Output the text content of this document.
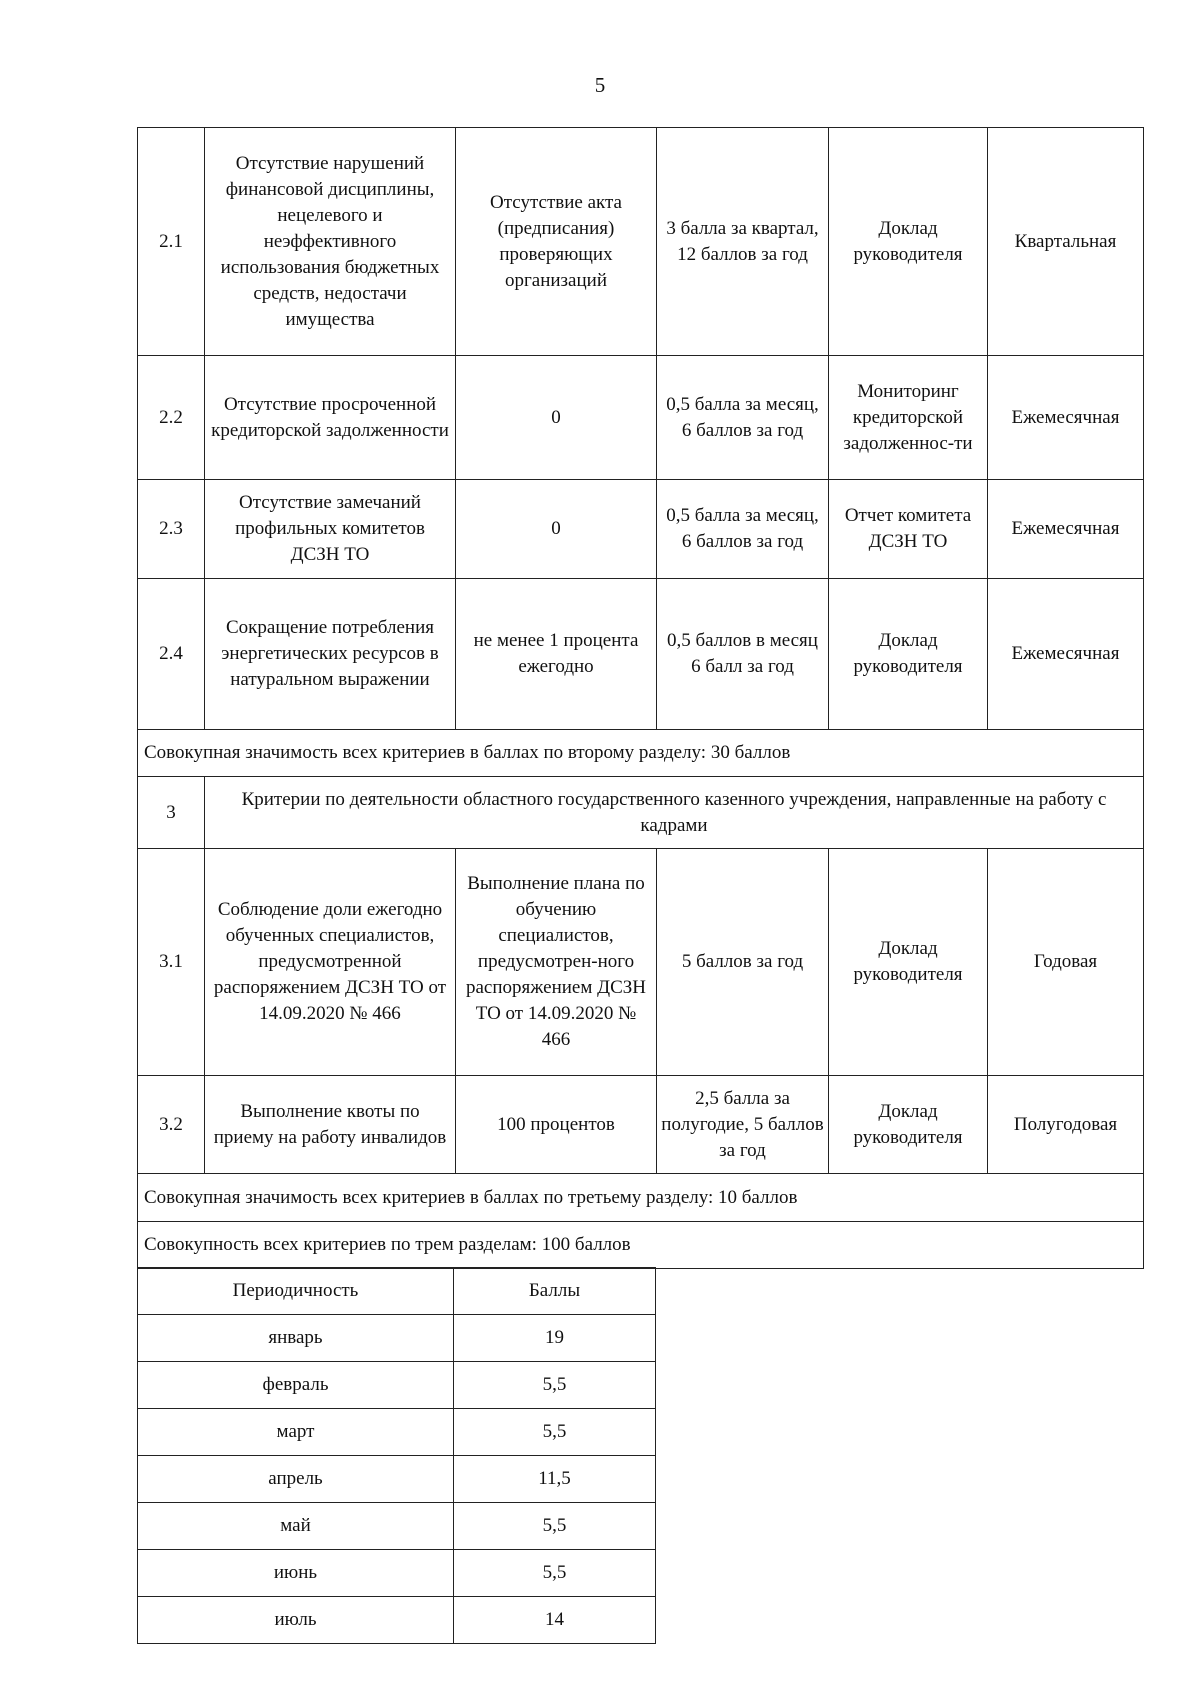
5
2.1	Отсутствие нарушений финансовой дисциплины, нецелевого и неэффективного использования бюджетных средств, недостачи имущества	Отсутствие акта (предписания) проверяющих организаций	3 балла за квартал, 12 баллов за год	Доклад руководителя	Квартальная
2.2	Отсутствие просроченной кредиторской задолженности	0	0,5 балла за месяц, 6 баллов за год	Мониторинг кредиторской задолженнос-ти	Ежемесячная
2.3	Отсутствие замечаний профильных комитетов ДСЗН ТО	0	0,5 балла за месяц, 6 баллов за год	Отчет комитета ДСЗН ТО	Ежемесячная
2.4	Сокращение потребления энергетических ресурсов в натуральном выражении	не менее 1 процента ежегодно	0,5 баллов в месяц 6 балл за год	Доклад руководителя	Ежемесячная
Совокупная значимость всех критериев в баллах по второму разделу: 30 баллов					
3	Критерии по деятельности областного государственного казенного учреждения, направленные на работу с кадрами				
3.1	Соблюдение доли ежегодно обученных специалистов, предусмотренной распоряжением ДСЗН ТО от 14.09.2020 № 466	Выполнение плана по обучению специалистов, предусмотрен-ного распоряжением ДСЗН ТО от 14.09.2020 № 466	5 баллов за год	Доклад руководителя	Годовая
3.2	Выполнение квоты по приему на работу инвалидов	100 процентов	2,5 балла за полугодие, 5 баллов за год	Доклад руководителя	Полугодовая
Совокупная значимость всех критериев в баллах по третьему разделу: 10 баллов					
Совокупность всех критериев по трем разделам: 100 баллов					
Периодичность	Баллы
январь	19
февраль	5,5
март	5,5
апрель	11,5
май	5,5
июнь	5,5
июль	14
